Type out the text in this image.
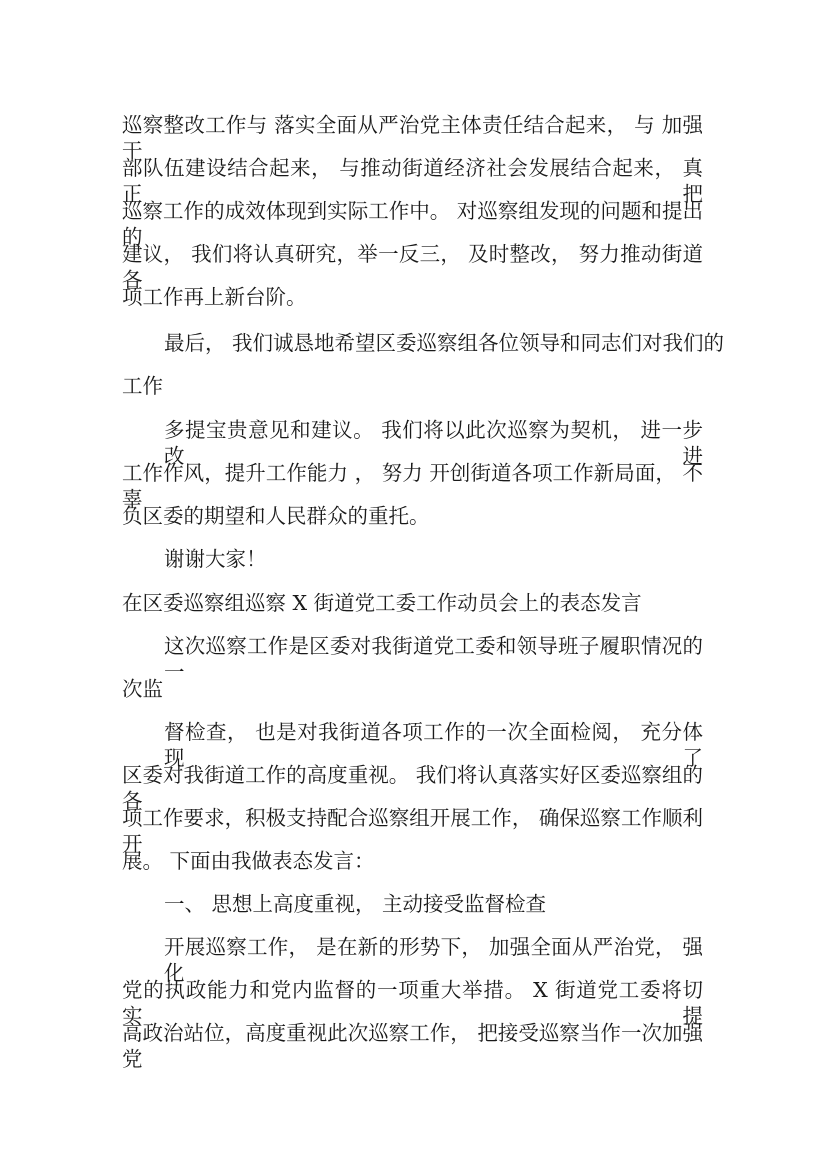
巡察整改工作与 落实全面从严治党主体责任结合起来， 与 加强干
部队伍建设结合起来， 与推动街道经济社会发展结合起来， 真正把
巡察工作的成效体现到实际工作中。 对巡察组发现的问题和提出的
建议， 我们将认真研究，举一反三， 及时整改， 努力推动街道各
项工作再上新台阶。
最后， 我们诚恳地希望区委巡察组各位领导和同志们对我们的
工作
多提宝贵意见和建议。 我们将以此次巡察为契机， 进一步改进
工作作风，提升工作能力 ， 努力 开创街道各项工作新局面， 不辜
负区委的期望和人民群众的重托。
谢谢大家！
在区委巡察组巡察 X 街道党工委工作动员会上的表态发言
这次巡察工作是区委对我街道党工委和领导班子履职情况的一
次监
督检查， 也是对我街道各项工作的一次全面检阅， 充分体现了
区委对我街道工作的高度重视。 我们将认真落实好区委巡察组的各
项工作要求，积极支持配合巡察组开展工作， 确保巡察工作顺利开
展。 下面由我做表态发言：
一、 思想上高度重视， 主动接受监督检查
开展巡察工作， 是在新的形势下， 加强全面从严治党， 强化
党的执政能力和党内监督的一项重大举措。 X 街道党工委将切实提
高政治站位，高度重视此次巡察工作， 把接受巡察当作一次加强党
